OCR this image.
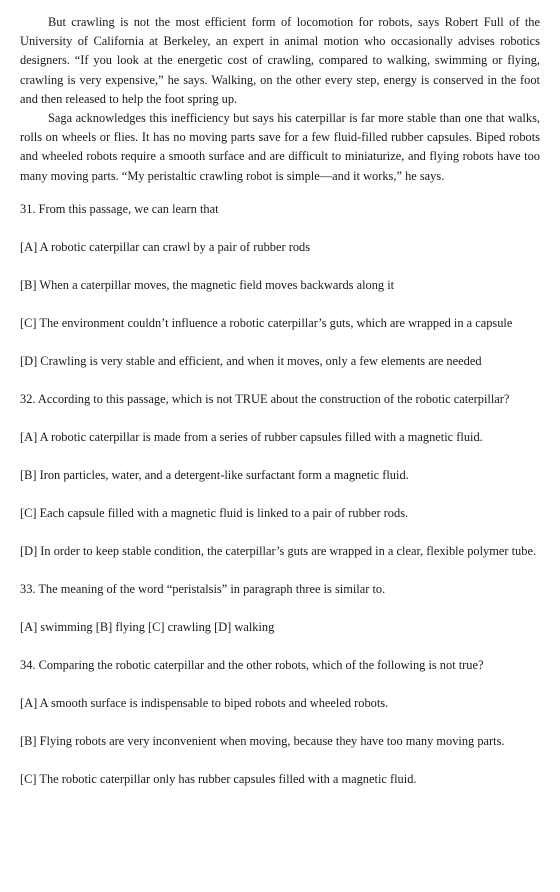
But crawling is not the most efficient form of locomotion for robots, says Robert Full of the University of California at Berkeley, an expert in animal motion who occasionally advises robotics designers. “If you look at the energetic cost of crawling, compared to walking, swimming or flying, crawling is very expensive,” he says. Walking, on the other every step, energy is conserved in the foot and then released to help the foot spring up.

Saga acknowledges this inefficiency but says his caterpillar is far more stable than one that walks, rolls on wheels or flies. It has no moving parts save for a few fluid-filled rubber capsules. Biped robots and wheeled robots require a smooth surface and are difficult to miniaturize, and flying robots have too many moving parts. “My peristaltic crawling robot is simple—and it works,” he says.

31. From this passage, we can learn that

[A] A robotic caterpillar can crawl by a pair of rubber rods

[B] When a caterpillar moves, the magnetic field moves backwards along it

[C] The environment couldn’t influence a robotic caterpillar’s guts, which are wrapped in a capsule

[D] Crawling is very stable and efficient, and when it moves, only a few elements are needed

32. According to this passage, which is not TRUE about the construction of the robotic caterpillar?

[A] A robotic caterpillar is made from a series of rubber capsules filled with a magnetic fluid.

[B] Iron particles, water, and a detergent-like surfactant form a magnetic fluid.

[C] Each capsule filled with a magnetic fluid is linked to a pair of rubber rods.

[D] In order to keep stable condition, the caterpillar’s guts are wrapped in a clear, flexible polymer tube.

33. The meaning of the word “peristalsis” in paragraph three is similar to.

[A] swimming [B] flying [C] crawling [D] walking

34. Comparing the robotic caterpillar and the other robots, which of the following is not true?

[A] A smooth surface is indispensable to biped robots and wheeled robots.

[B] Flying robots are very inconvenient when moving, because they have too many moving parts.

[C] The robotic caterpillar only has rubber capsules filled with a magnetic fluid.
